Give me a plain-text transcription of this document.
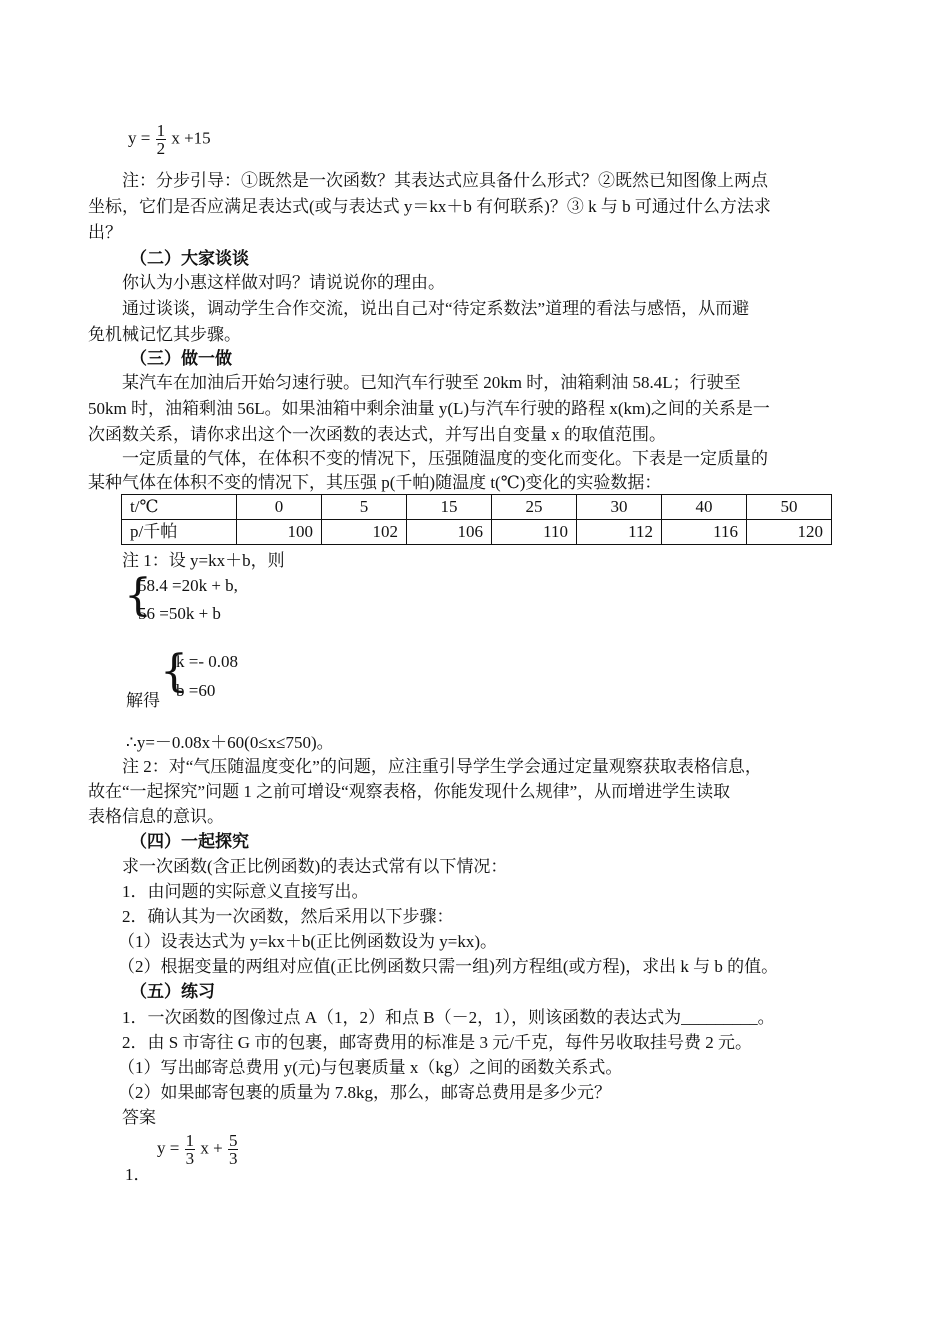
$y = \frac{1}{2}$ x +15
注：分步引导：①既然是一次函数？其表达式应具备什么形式？②既然已知图像上两点
坐标，它们是否应满足表达式(或与表达式 y＝kx＋b 有何联系)？③ k 与 b 可通过什么方法求
出？
（二）大家谈谈
你认为小惠这样做对吗？请说说你的理由。
通过谈谈，调动学生合作交流，说出自己对“待定系数法”道理的看法与感悟，从而避
免机械记忆其步骤。
（三）做一做
某汽车在加油后开始匀速行驶。已知汽车行驶至 20km 时，油箱剩油 58.4L；行驶至
50km 时，油箱剩油 56L。如果油箱中剩余油量 y(L)与汽车行驶的路程 x(km)之间的关系是一
次函数关系，请你求出这个一次函数的表达式，并写出自变量 x 的取值范围。
一定质量的气体，在体积不变的情况下，压强随温度的变化而变化。下表是一定质量的
某种气体在体积不变的情况下，其压强 p(千帕)随温度 t(℃)变化的实验数据：
t/℃	0	5	15	25	30	40	50
p/千帕	100	102	106	110	112	116	120
注 1：设 y=kx＋b，则
{
58.4 =20k + b,
56 =50k + b
{
k =- 0.08
b =60
解得
∴y=－0.08x＋60(0≤x≤750)。
注 2：对“气压随温度变化”的问题，应注重引导学生学会通过定量观察获取表格信息，
故在“一起探究”问题 1 之前可增设“观察表格，你能发现什么规律”，从而增进学生读取
表格信息的意识。
（四）一起探究
求一次函数(含正比例函数)的表达式常有以下情况：
1．由问题的实际意义直接写出。
2．确认其为一次函数，然后采用以下步骤：
（1）设表达式为 y=kx＋b(正比例函数设为 y=kx)。
（2）根据变量的两组对应值(正比例函数只需一组)列方程组(或方程)，求出 k 与 b 的值。
（五）练习
1．一次函数的图像过点 A（1，2）和点 B（－2，1），则该函数的表达式为_________。
2．由 S 市寄往 G 市的包裹，邮寄费用的标准是 3 元/千克，每件另收取挂号费 2 元。
（1）写出邮寄总费用 y(元)与包裹质量 x（kg）之间的函数关系式。
（2）如果邮寄包裹的质量为 7.8kg，那么，邮寄总费用是多少元？
答案
$y = \frac{1}{3}$ $x + \frac{5}{3}$
1．
